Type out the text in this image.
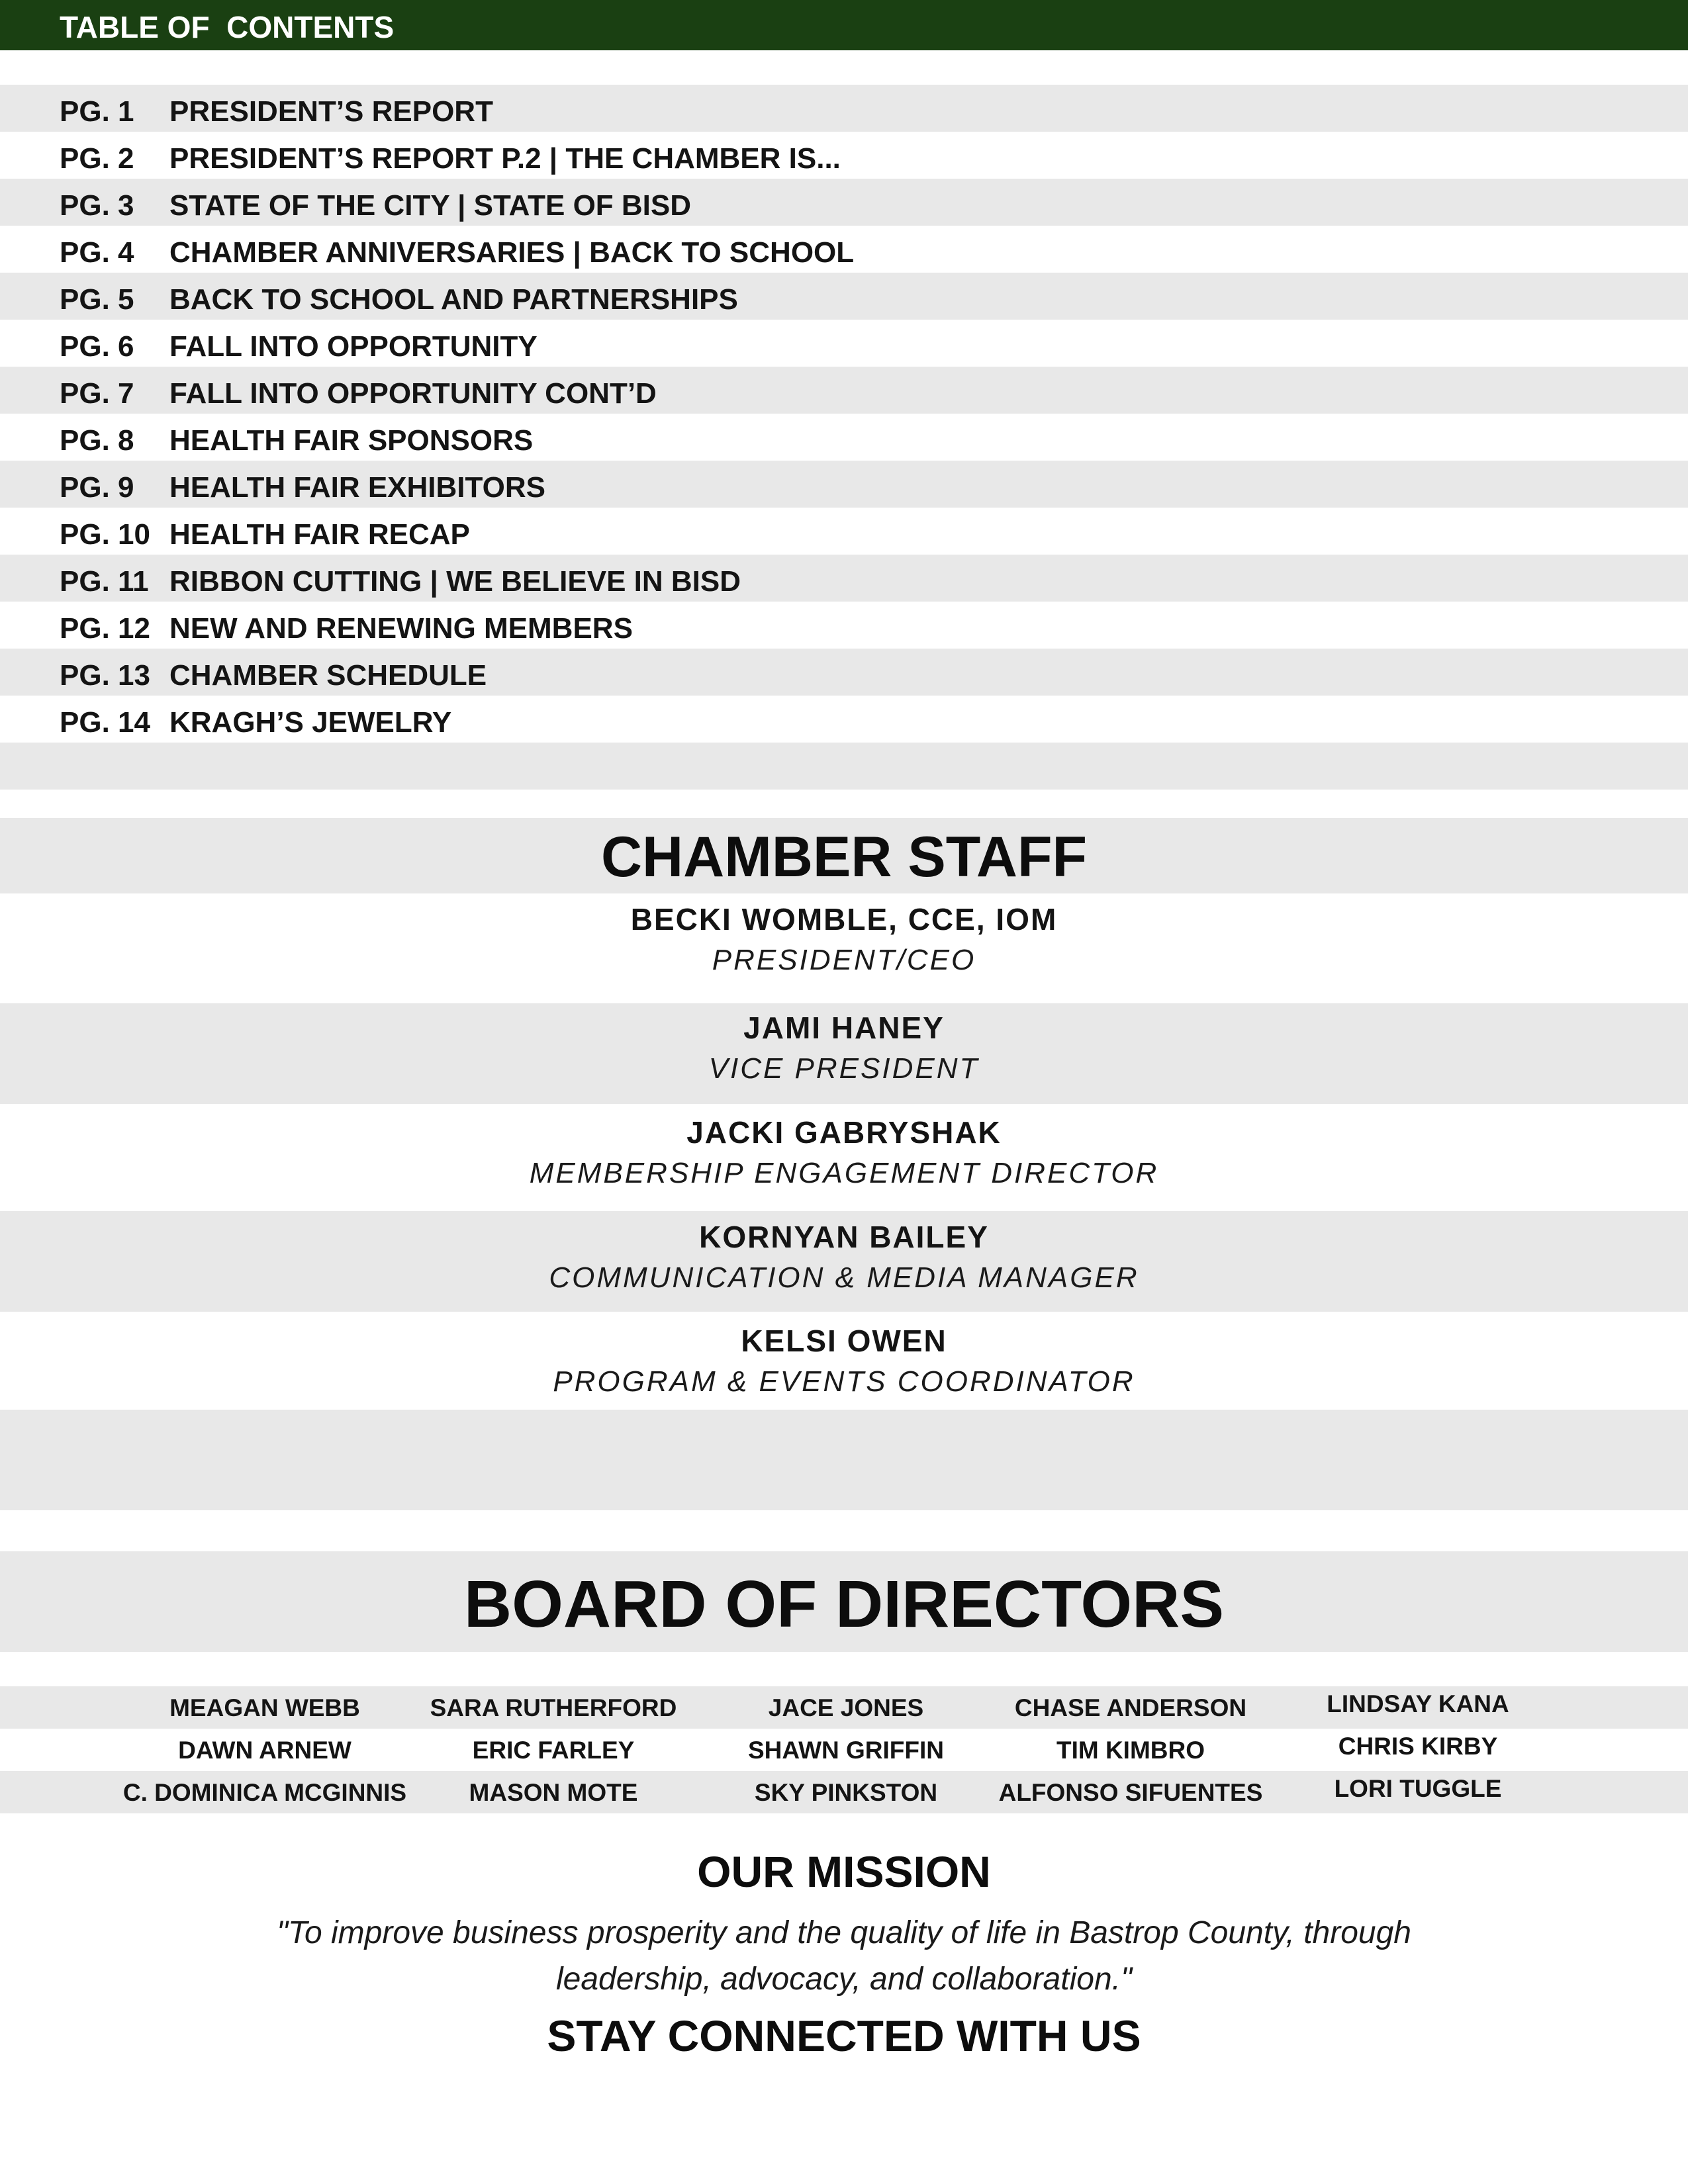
TABLE OF  CONTENTS
PG. 1 PRESIDENT’S REPORT
PG. 2 PRESIDENT’S REPORT P.2 | THE CHAMBER IS...
PG. 3 STATE OF THE CITY | STATE OF BISD
PG. 4 CHAMBER ANNIVERSARIES | BACK TO SCHOOL
PG. 5 BACK TO SCHOOL AND PARTNERSHIPS
PG. 6 FALL INTO OPPORTUNITY
PG. 7 FALL INTO OPPORTUNITY CONT’D
PG. 8 HEALTH FAIR SPONSORS
PG. 9 HEALTH FAIR EXHIBITORS
PG. 10 HEALTH FAIR RECAP
PG. 11 RIBBON CUTTING | WE BELIEVE IN BISD
PG. 12 NEW AND RENEWING MEMBERS
PG. 13 CHAMBER SCHEDULE
PG. 14 KRAGH’S JEWELRY
CHAMBER STAFF
BECKI WOMBLE, CCE, IOM
PRESIDENT/CEO
JAMI HANEY
VICE PRESIDENT
JACKI GABRYSHAK
MEMBERSHIP ENGAGEMENT DIRECTOR
KORNYAN BAILEY
COMMUNICATION & MEDIA MANAGER
KELSI OWEN
PROGRAM & EVENTS COORDINATOR
BOARD OF DIRECTORS
MEAGAN WEBB	SARA RUTHERFORD	JACE JONES	CHASE ANDERSON	LINDSAY KANA
DAWN ARNEW	ERIC FARLEY	SHAWN GRIFFIN	TIM KIMBRO	CHRIS KIRBY
C. DOMINICA MCGINNIS	MASON MOTE	SKY PINKSTON	ALFONSO SIFUENTES	LORI TUGGLE
OUR MISSION
"To improve business prosperity and the quality of life in Bastrop County, through
leadership, advocacy, and collaboration."
STAY CONNECTED WITH US
